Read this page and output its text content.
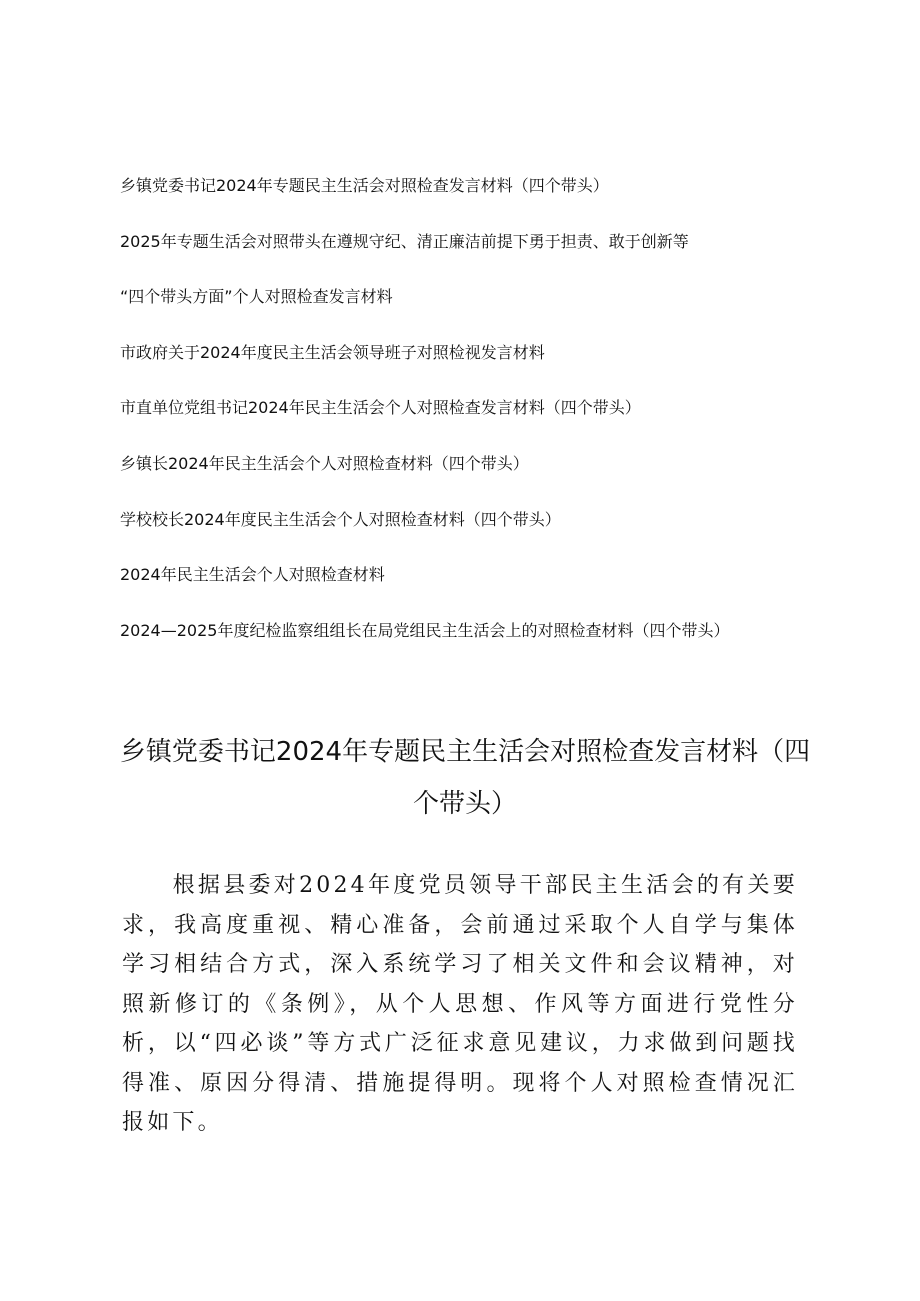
乡镇党委书记2024年专题民主生活会对照检查发言材料（四个带头）
2025年专题生活会对照带头在遵规守纪、清正廉洁前提下勇于担责、敢于创新等
“四个带头方面”个人对照检查发言材料
市政府关于2024年度民主生活会领导班子对照检视发言材料
市直单位党组书记2024年民主生活会个人对照检查发言材料（四个带头）
乡镇长2024年民主生活会个人对照检查材料（四个带头）
学校校长2024年度民主生活会个人对照检查材料（四个带头）
2024年民主生活会个人对照检查材料
2024—2025年度纪检监察组组长在局党组民主生活会上的对照检查材料（四个带头）
乡镇党委书记2024年专题民主生活会对照检查发言材料（四个带头）

根据县委对2024年度党员领导干部民主生活会的有关要求，我高度重视、精心准备，会前通过采取个人自学与集体学习相结合方式，深入系统学习了相关文件和会议精神，对照新修订的《条例》，从个人思想、作风等方面进行党性分析，以“四必谈”等方式广泛征求意见建议，力求做到问题找得准、原因分得清、措施提得明。现将个人对照检查情况汇报如下。
